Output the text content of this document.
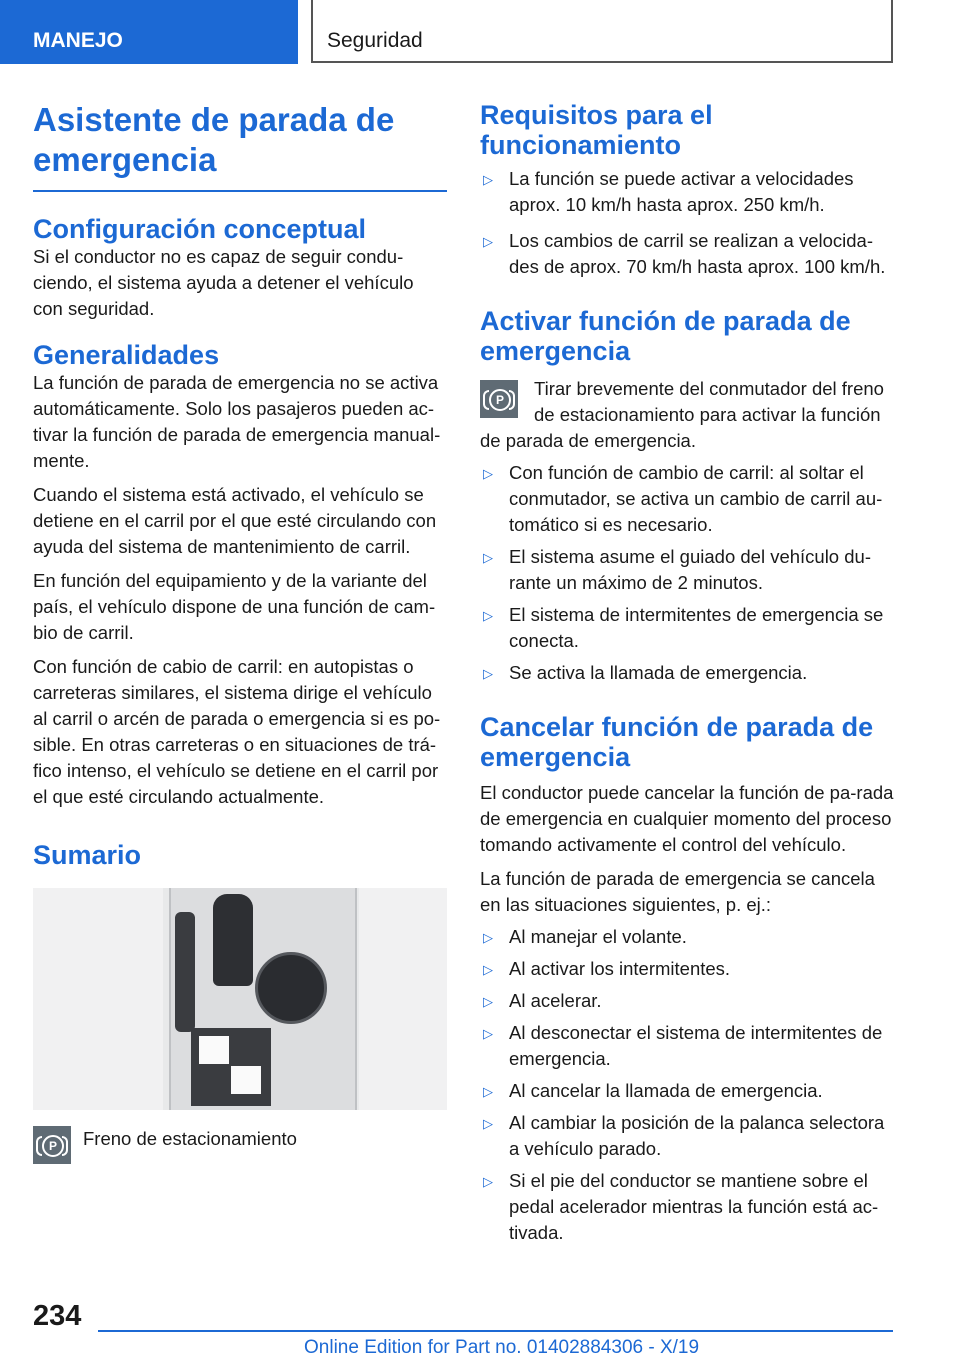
MANEJO	Seguridad
Asistente de parada de emergencia
Configuración conceptual

Si el conductor no es capaz de seguir condu-ciendo, el sistema ayuda a detener el vehículo con seguridad.

Generalidades

La función de parada de emergencia no se activa automáticamente. Solo los pasajeros pueden ac-tivar la función de parada de emergencia manual-mente.

Cuando el sistema está activado, el vehículo se detiene en el carril por el que esté circulando con ayuda del sistema de mantenimiento de carril.

En función del equipamiento y de la variante del país, el vehículo dispone de una función de cam-bio de carril.

Con función de cabio de carril: en autopistas o carreteras similares, el sistema dirige el vehículo al carril o arcén de parada o emergencia si es po-sible. En otras carreteras o en situaciones de trá-fico intenso, el vehículo se detiene en el carril por el que esté circulando actualmente.

Sumario
P	Freno de estacionamiento
Requisitos para el funcionamiento
▷ La función se puede activar a velocidades aprox. 10 km/h hasta aprox. 250 km/h.
▷ Los cambios de carril se realizan a velocida-des de aprox. 70 km/h hasta aprox. 100 km/h.
Activar función de parada de emergencia
P

Tirar brevemente del conmutador del freno de estacionamiento para activar la función de parada de emergencia.

▷ Con función de cambio de carril: al soltar el conmutador, se activa un cambio de carril au-tomático si es necesario.
▷ El sistema asume el guiado del vehículo du-rante un máximo de 2 minutos.
▷ El sistema de intermitentes de emergencia se conecta.
▷ Se activa la llamada de emergencia.
Cancelar función de parada de emergencia

El conductor puede cancelar la función de pa-rada de emergencia en cualquier momento del proceso tomando activamente el control del vehículo.

La función de parada de emergencia se cancela en las situaciones siguientes, p. ej.:

▷ Al manejar el volante.
▷ Al activar los intermitentes.
▷ Al acelerar.
▷ Al desconectar el sistema de intermitentes de emergencia.
▷ Al cancelar la llamada de emergencia.
▷ Al cambiar la posición de la palanca selectora a vehículo parado.
▷ Si el pie del conductor se mantiene sobre el pedal acelerador mientras la función está ac-tivada.
234
Online Edition for Part no. 01402884306 - X/19
